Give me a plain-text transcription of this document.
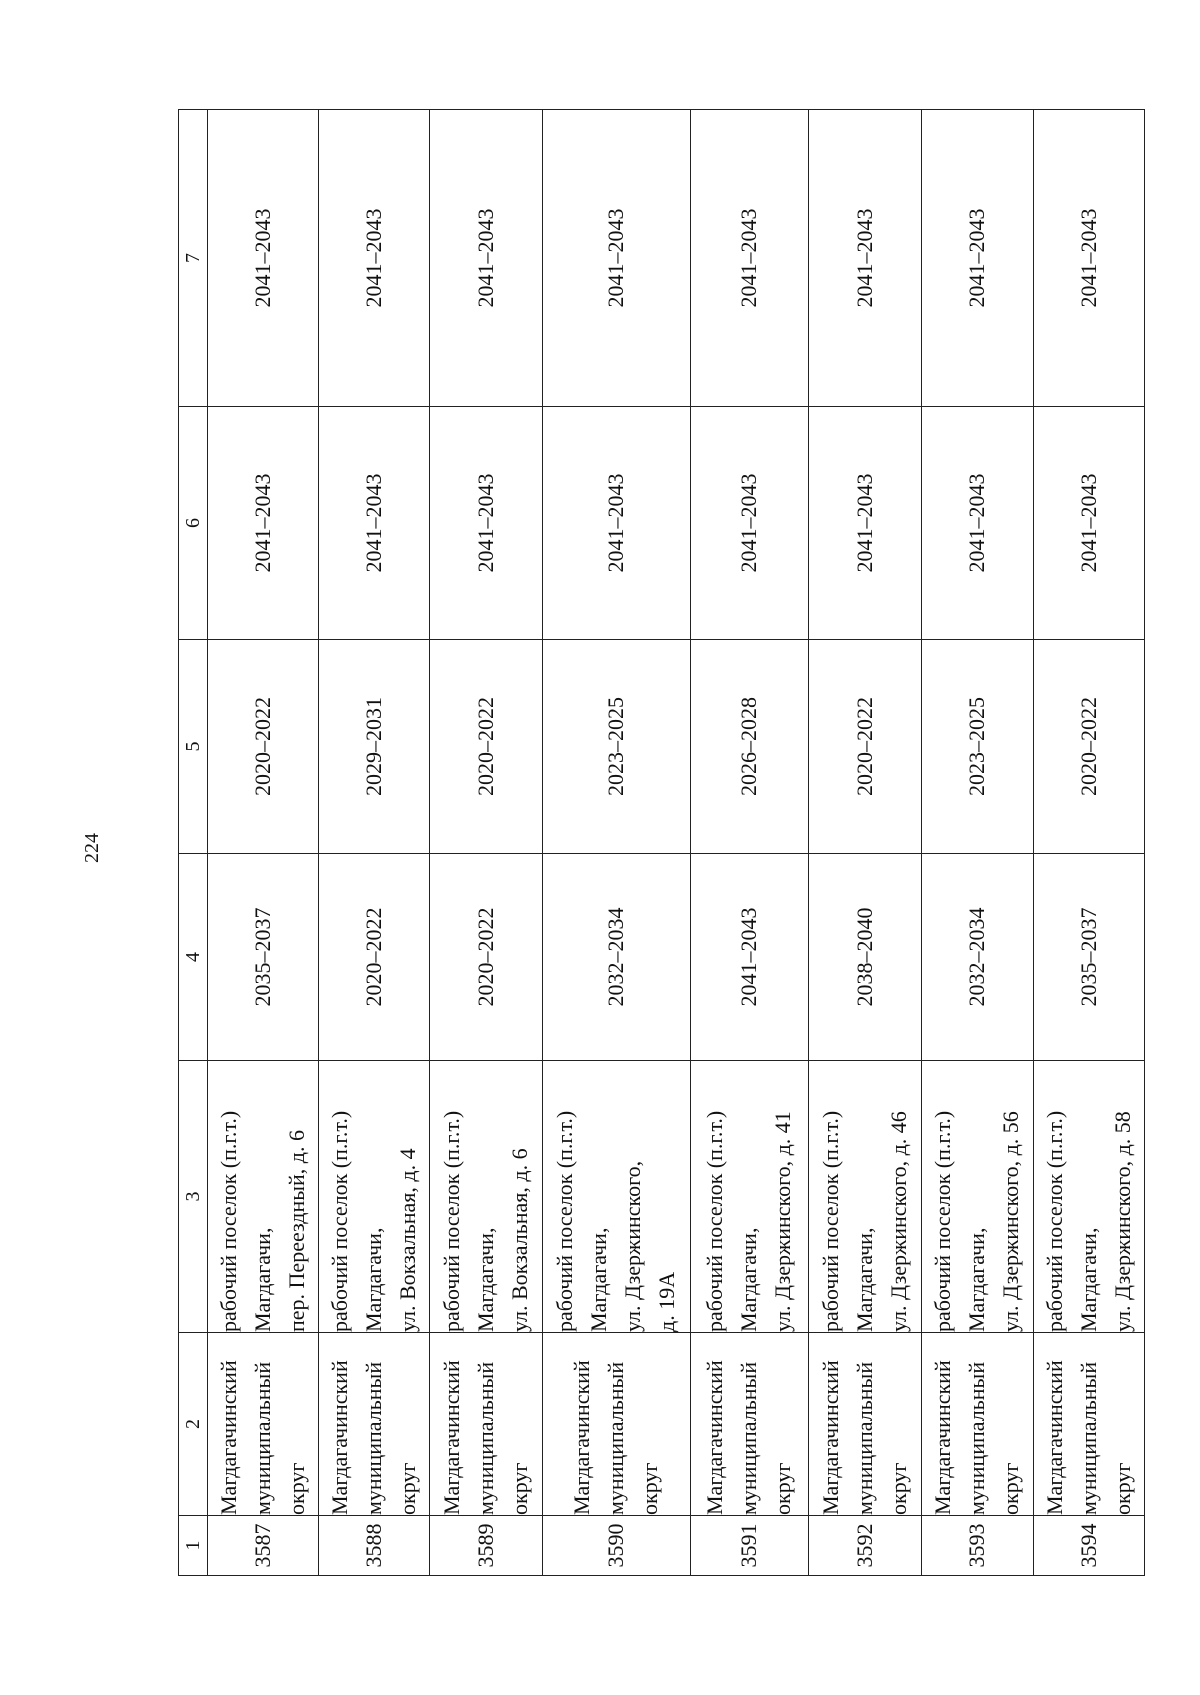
224
1	2	3	4	5	6	7
3587	Магдагачинский муниципальный округ	рабочий поселок (п.г.т.) Магдагачи, пер. Переездный, д. 6	2035–2037	2020–2022	2041–2043	2041–2043
3588	Магдагачинский муниципальный округ	рабочий поселок (п.г.т.) Магдагачи, ул. Вокзальная, д. 4	2020–2022	2029–2031	2041–2043	2041–2043
3589	Магдагачинский муниципальный округ	рабочий поселок (п.г.т.) Магдагачи, ул. Вокзальная, д. 6	2020–2022	2020–2022	2041–2043	2041–2043
3590	Магдагачинский муниципальный округ	рабочий поселок (п.г.т.) Магдагачи, ул. Дзержинского, д. 19А	2032–2034	2023–2025	2041–2043	2041–2043
3591	Магдагачинский муниципальный округ	рабочий поселок (п.г.т.) Магдагачи, ул. Дзержинского, д. 41	2041–2043	2026–2028	2041–2043	2041–2043
3592	Магдагачинский муниципальный округ	рабочий поселок (п.г.т.) Магдагачи, ул. Дзержинского, д. 46	2038–2040	2020–2022	2041–2043	2041–2043
3593	Магдагачинский муниципальный округ	рабочий поселок (п.г.т.) Магдагачи, ул. Дзержинского, д. 56	2032–2034	2023–2025	2041–2043	2041–2043
3594	Магдагачинский муниципальный округ	рабочий поселок (п.г.т.) Магдагачи, ул. Дзержинского, д. 58	2035–2037	2020–2022	2041–2043	2041–2043
